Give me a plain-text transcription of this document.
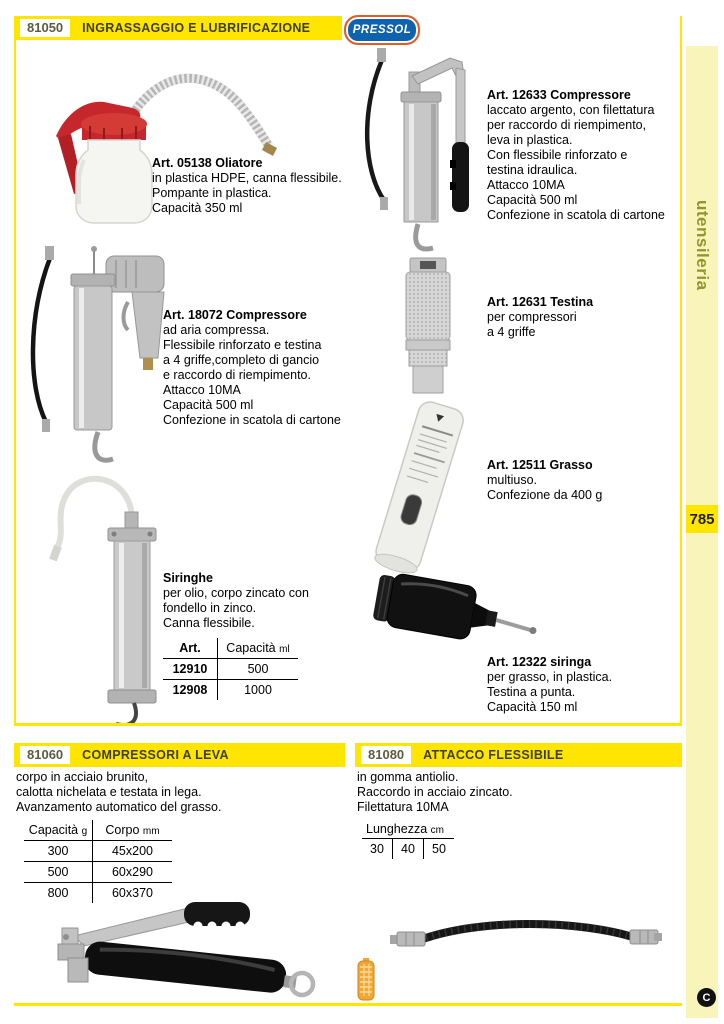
81050	INGRASSAGGIO E LUBRIFICAZIONE	PRESSOL
Art. 05138 Oliatore
in plastica HDPE, canna flessibile.
Pompante in plastica.
Capacità 350 ml
Art. 12633 Compressore
laccato argento, con filettatura
per raccordo di riempimento,
leva in plastica.
Con flessibile rinforzato e
testina idraulica.
Attacco 10MA
Capacità 500 ml
Confezione in scatola di cartone
Art. 18072 Compressore
ad aria compressa.
Flessibile rinforzato e testina
a 4 griffe,completo di gancio
e raccordo di riempimento.
Attacco 10MA
Capacità 500 ml
Confezione in scatola di cartone
Art. 12631 Testina
per compressori
a 4 griffe
Art. 12511 Grasso
multiuso.
Confezione da 400 g
Siringhe
per olio, corpo zincato con
fondello in zinco.
Canna flessibile.
Art.	Capacità ml
12910	500
12908	1000
Art. 12322 siringa
per grasso, in plastica.
Testina a punta.
Capacità 150 ml
81060	COMPRESSORI A LEVA
corpo in acciaio brunito,
calotta nichelata e testata in lega.
Avanzamento automatico del grasso.
Capacità g	Corpo mm
300	45x200
500	60x290
800	60x370
81080	ATTACCO FLESSIBILE
in gomma antiolio.
Raccordo in acciaio zincato.
Filettatura 10MA
Lunghezza cm
30	40	50
utensileria
785
C
